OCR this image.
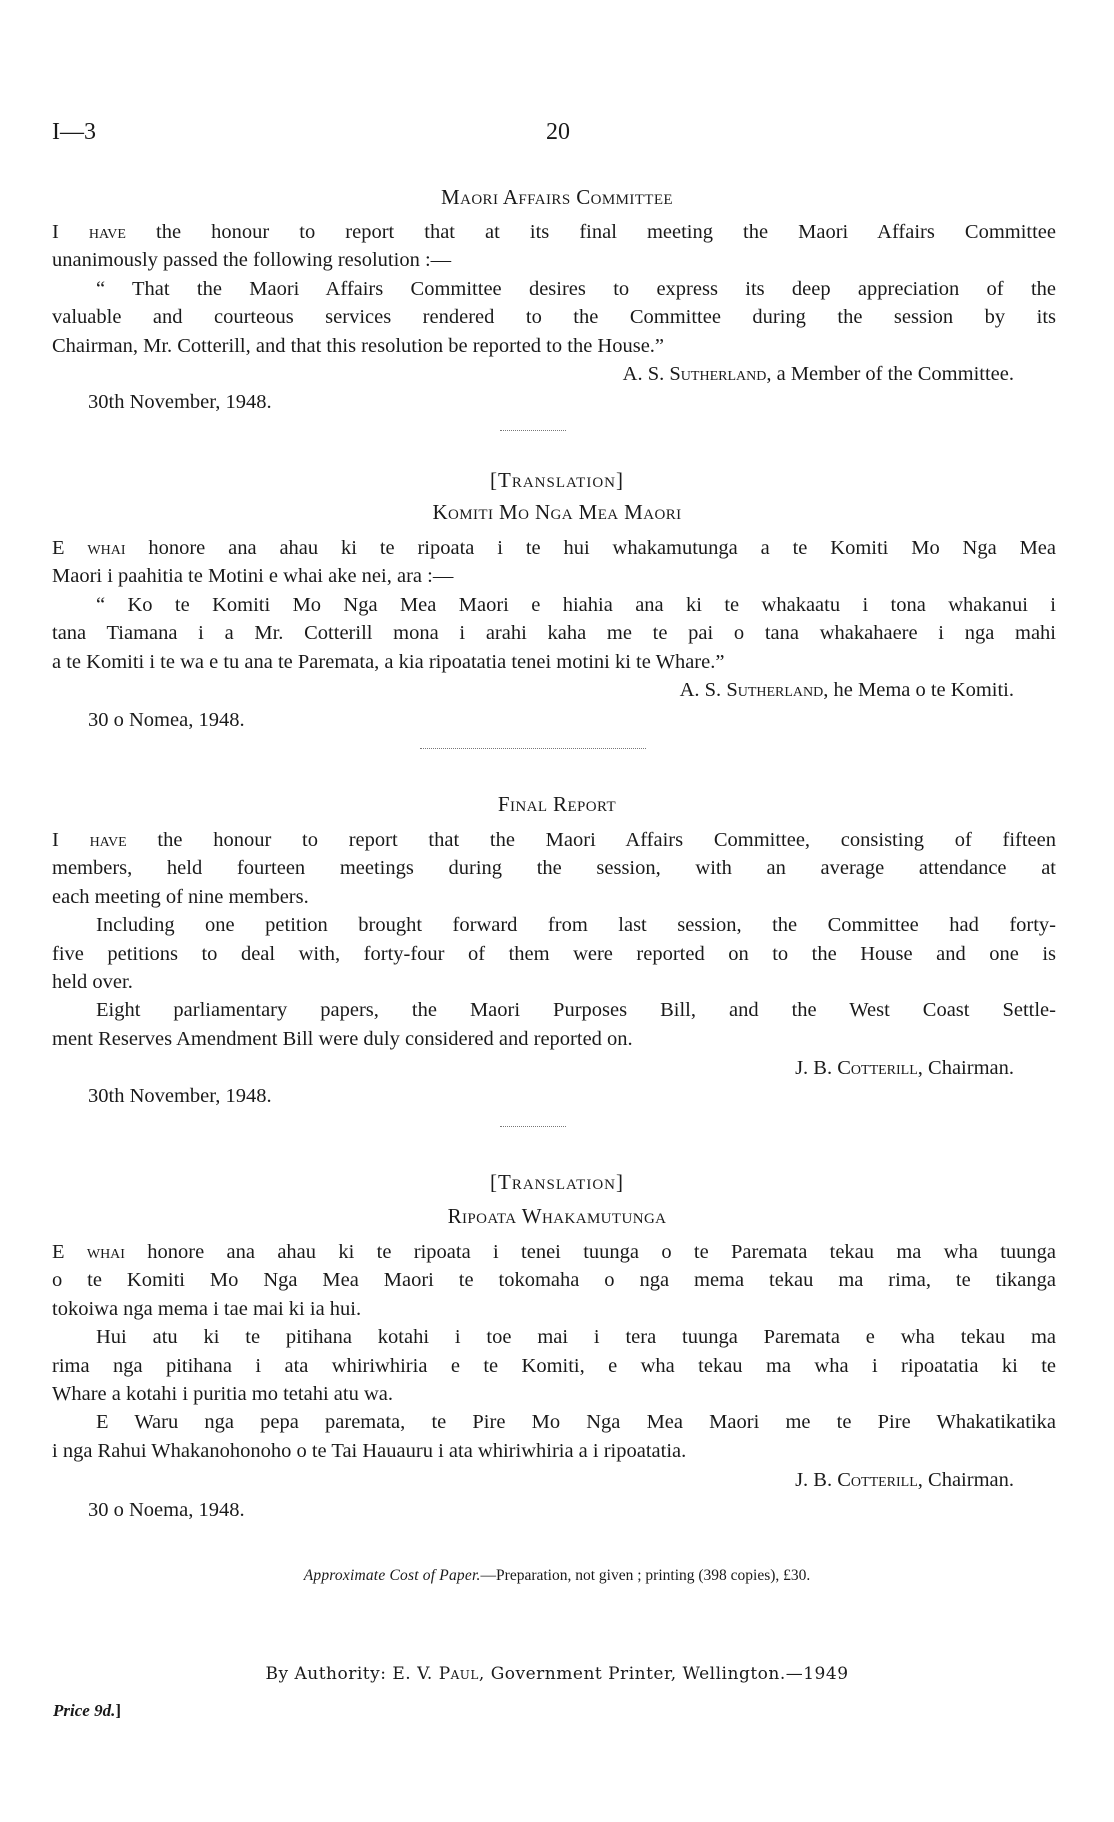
I—3	20
Maori Affairs Committee

I have the honour to report that at its final meeting the Maori Affairs Committee

unanimously passed the following resolution :—

“ That the Maori Affairs Committee desires to express its deep appreciation of the

valuable and courteous services rendered to the Committee during the session by its

Chairman, Mr. Cotterill, and that this resolution be reported to the House.”

A. S. Sutherland, a Member of the Committee.
30th November, 1948.
[Translation]
Komiti Mo Nga Mea Maori

E whai honore ana ahau ki te ripoata i te hui whakamutunga a te Komiti Mo Nga Mea

Maori i paahitia te Motini e whai ake nei, ara :—

“ Ko te Komiti Mo Nga Mea Maori e hiahia ana ki te whakaatu i tona whakanui i

tana Tiamana i a Mr. Cotterill mona i arahi kaha me te pai o tana whakahaere i nga mahi

a te Komiti i te wa e tu ana te Paremata, a kia ripoatatia tenei motini ki te Whare.”

A. S. Sutherland, he Mema o te Komiti.
30 o Nomea, 1948.
Final Report

I have the honour to report that the Maori Affairs Committee, consisting of fifteen

members, held fourteen meetings during the session, with an average attendance at

each meeting of nine members.

Including one petition brought forward from last session, the Committee had forty-

five petitions to deal with, forty-four of them were reported on to the House and one is

held over.

Eight parliamentary papers, the Maori Purposes Bill, and the West Coast Settle-

ment Reserves Amendment Bill were duly considered and reported on.

J. B. Cotterill, Chairman.
30th November, 1948.
[Translation]
Ripoata Whakamutunga

E whai honore ana ahau ki te ripoata i tenei tuunga o te Paremata tekau ma wha tuunga

o te Komiti Mo Nga Mea Maori te tokomaha o nga mema tekau ma rima, te tikanga

tokoiwa nga mema i tae mai ki ia hui.

Hui atu ki te pitihana kotahi i toe mai i tera tuunga Paremata e wha tekau ma

rima nga pitihana i ata whiriwhiria e te Komiti, e wha tekau ma wha i ripoatatia ki te

Whare a kotahi i puritia mo tetahi atu wa.

E Waru nga pepa paremata, te Pire Mo Nga Mea Maori me te Pire Whakatikatika

i nga Rahui Whakanohonoho o te Tai Hauauru i ata whiriwhiria a i ripoatatia.

J. B. Cotterill, Chairman.
30 o Noema, 1948.
Approximate Cost of Paper.—Preparation, not given ; printing (398 copies), £30.
By Authority: E. V. Paul, Government Printer, Wellington.—1949
Price 9d.]
